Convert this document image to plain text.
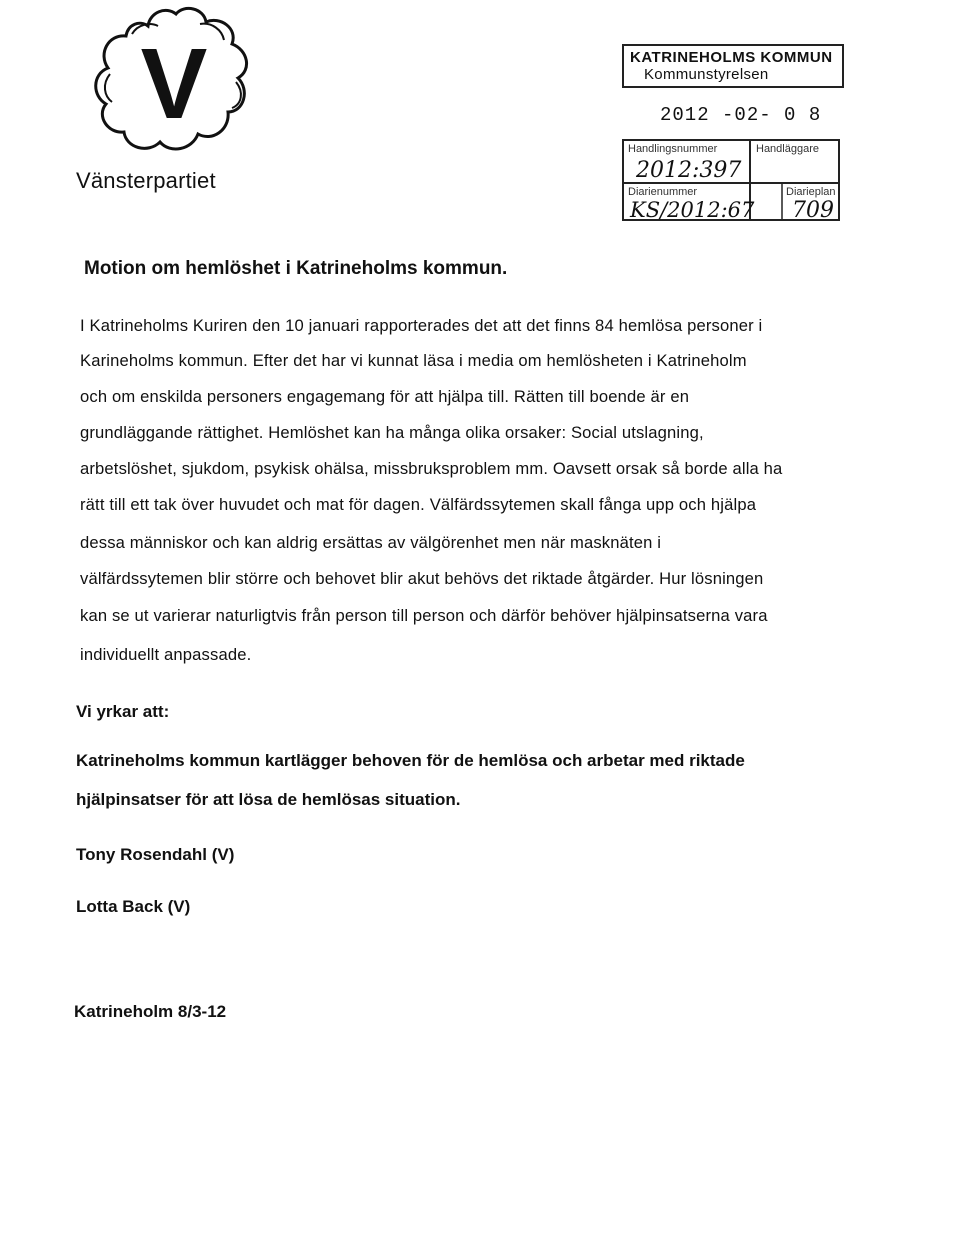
V
Vänsterpartiet
KATRINEHOLMS KOMMUN
Kommunstyrelsen
2012 -02- 0 8
Handlingsnummer
2012:397
Handläggare
Diarienummer
KS/2012:67
Diarieplan
709
Motion om hemlöshet i Katrineholms kommun.
I Katrineholms Kuriren den 10 januari rapporterades det att det finns 84 hemlösa personer i
Karineholms kommun. Efter det har vi kunnat läsa i media om hemlösheten i Katrineholm
och om enskilda personers engagemang för att hjälpa till. Rätten till boende är en
grundläggande rättighet. Hemlöshet kan ha många olika orsaker: Social utslagning,
arbetslöshet, sjukdom, psykisk ohälsa, missbruksproblem mm. Oavsett orsak så borde alla ha
rätt till ett tak över huvudet och mat för dagen. Välfärdssytemen skall fånga upp och hjälpa
dessa människor och kan aldrig ersättas av välgörenhet men när masknäten i
välfärdssytemen blir större och behovet blir akut behövs det riktade åtgärder. Hur lösningen
kan se ut varierar naturligtvis från person till person och därför behöver hjälpinsatserna vara
individuellt anpassade.
Vi yrkar att:
Katrineholms kommun kartlägger behoven för de hemlösa och arbetar med riktade
hjälpinsatser för att lösa de hemlösas situation.
Tony Rosendahl (V)
Lotta Back (V)
Katrineholm 8/3-12
